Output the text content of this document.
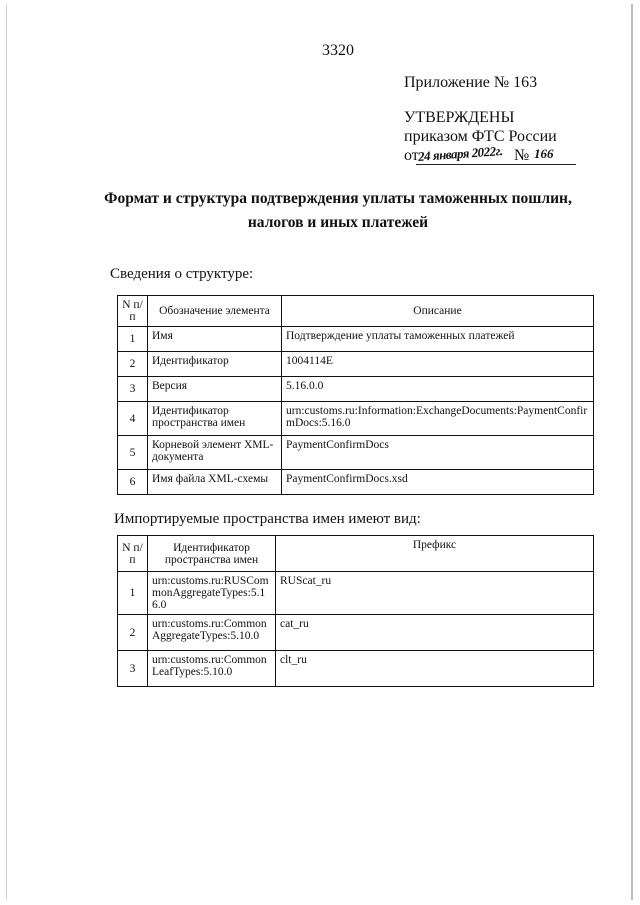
3320
Приложение № 163
УТВЕРЖДЕНЫ
приказом ФТС России
от
24 января 2022г. № 166
Формат и структура подтверждения уплаты таможенных пошлин, налогов и иных платежей
Сведения о структуре:
N п/п	Обозначение элемента	Описание
1	Имя	Подтверждение уплаты таможенных платежей
2	Идентификатор	1004114E
3	Версия	5.16.0.0
4	Идентификатор пространства имен	urn:customs.ru:Information:ExchangeDocuments:PaymentConfirmDocs:5.16.0
5	Корневой элемент XML-документа	PaymentConfirmDocs
6	Имя файла XML-схемы	PaymentConfirmDocs.xsd
Импортируемые пространства имен имеют вид:
N п/п	Идентификатор пространства имен	Префикс
1	urn:customs.ru:RUSCommonAggregateTypes:5.16.0	RUScat_ru
2	urn:customs.ru:CommonAggregateTypes:5.10.0	cat_ru
3	urn:customs.ru:CommonLeafTypes:5.10.0	clt_ru
